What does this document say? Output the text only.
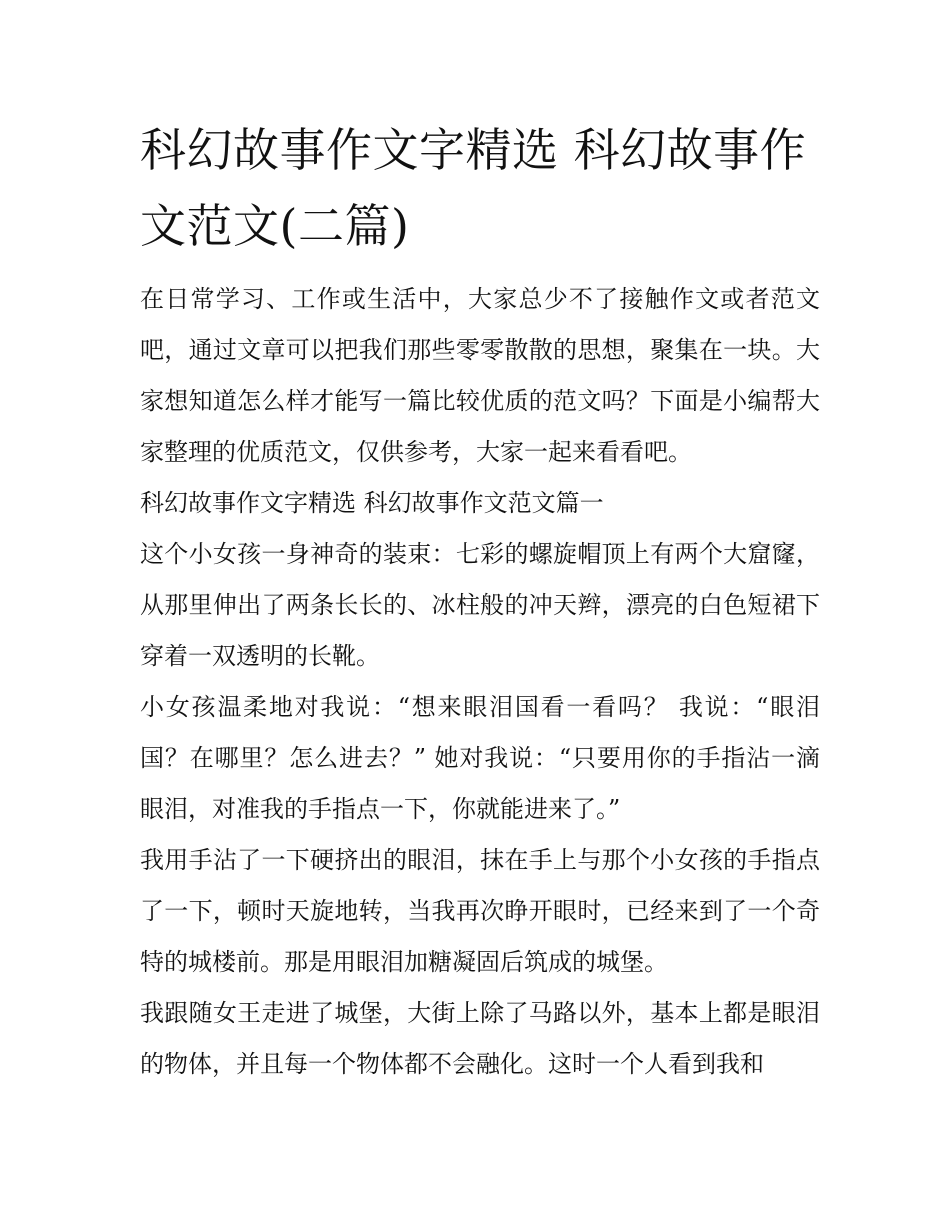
科幻故事作文字精选 科幻故事作文范文(二篇)

在日常学习、工作或生活中，大家总少不了接触作文或者范文吧，通过文章可以把我们那些零零散散的思想，聚集在一块。大家想知道怎么样才能写一篇比较优质的范文吗？下面是小编帮大家整理的优质范文，仅供参考，大家一起来看看吧。

科幻故事作文字精选 科幻故事作文范文篇一

这个小女孩一身神奇的装束：七彩的螺旋帽顶上有两个大窟窿，从那里伸出了两条长长的、冰柱般的冲天辫，漂亮的白色短裙下穿着一双透明的长靴。

小女孩温柔地对我说：“想来眼泪国看一看吗？ 我说：“眼泪国？在哪里？怎么进去？” 她对我说：“只要用你的手指沾一滴眼泪，对准我的手指点一下，你就能进来了。”

我用手沾了一下硬挤出的眼泪，抹在手上与那个小女孩的手指点了一下，顿时天旋地转，当我再次睁开眼时，已经来到了一个奇特的城楼前。那是用眼泪加糖凝固后筑成的城堡。

我跟随女王走进了城堡，大街上除了马路以外，基本上都是眼泪的物体，并且每一个物体都不会融化。这时一个人看到我和
